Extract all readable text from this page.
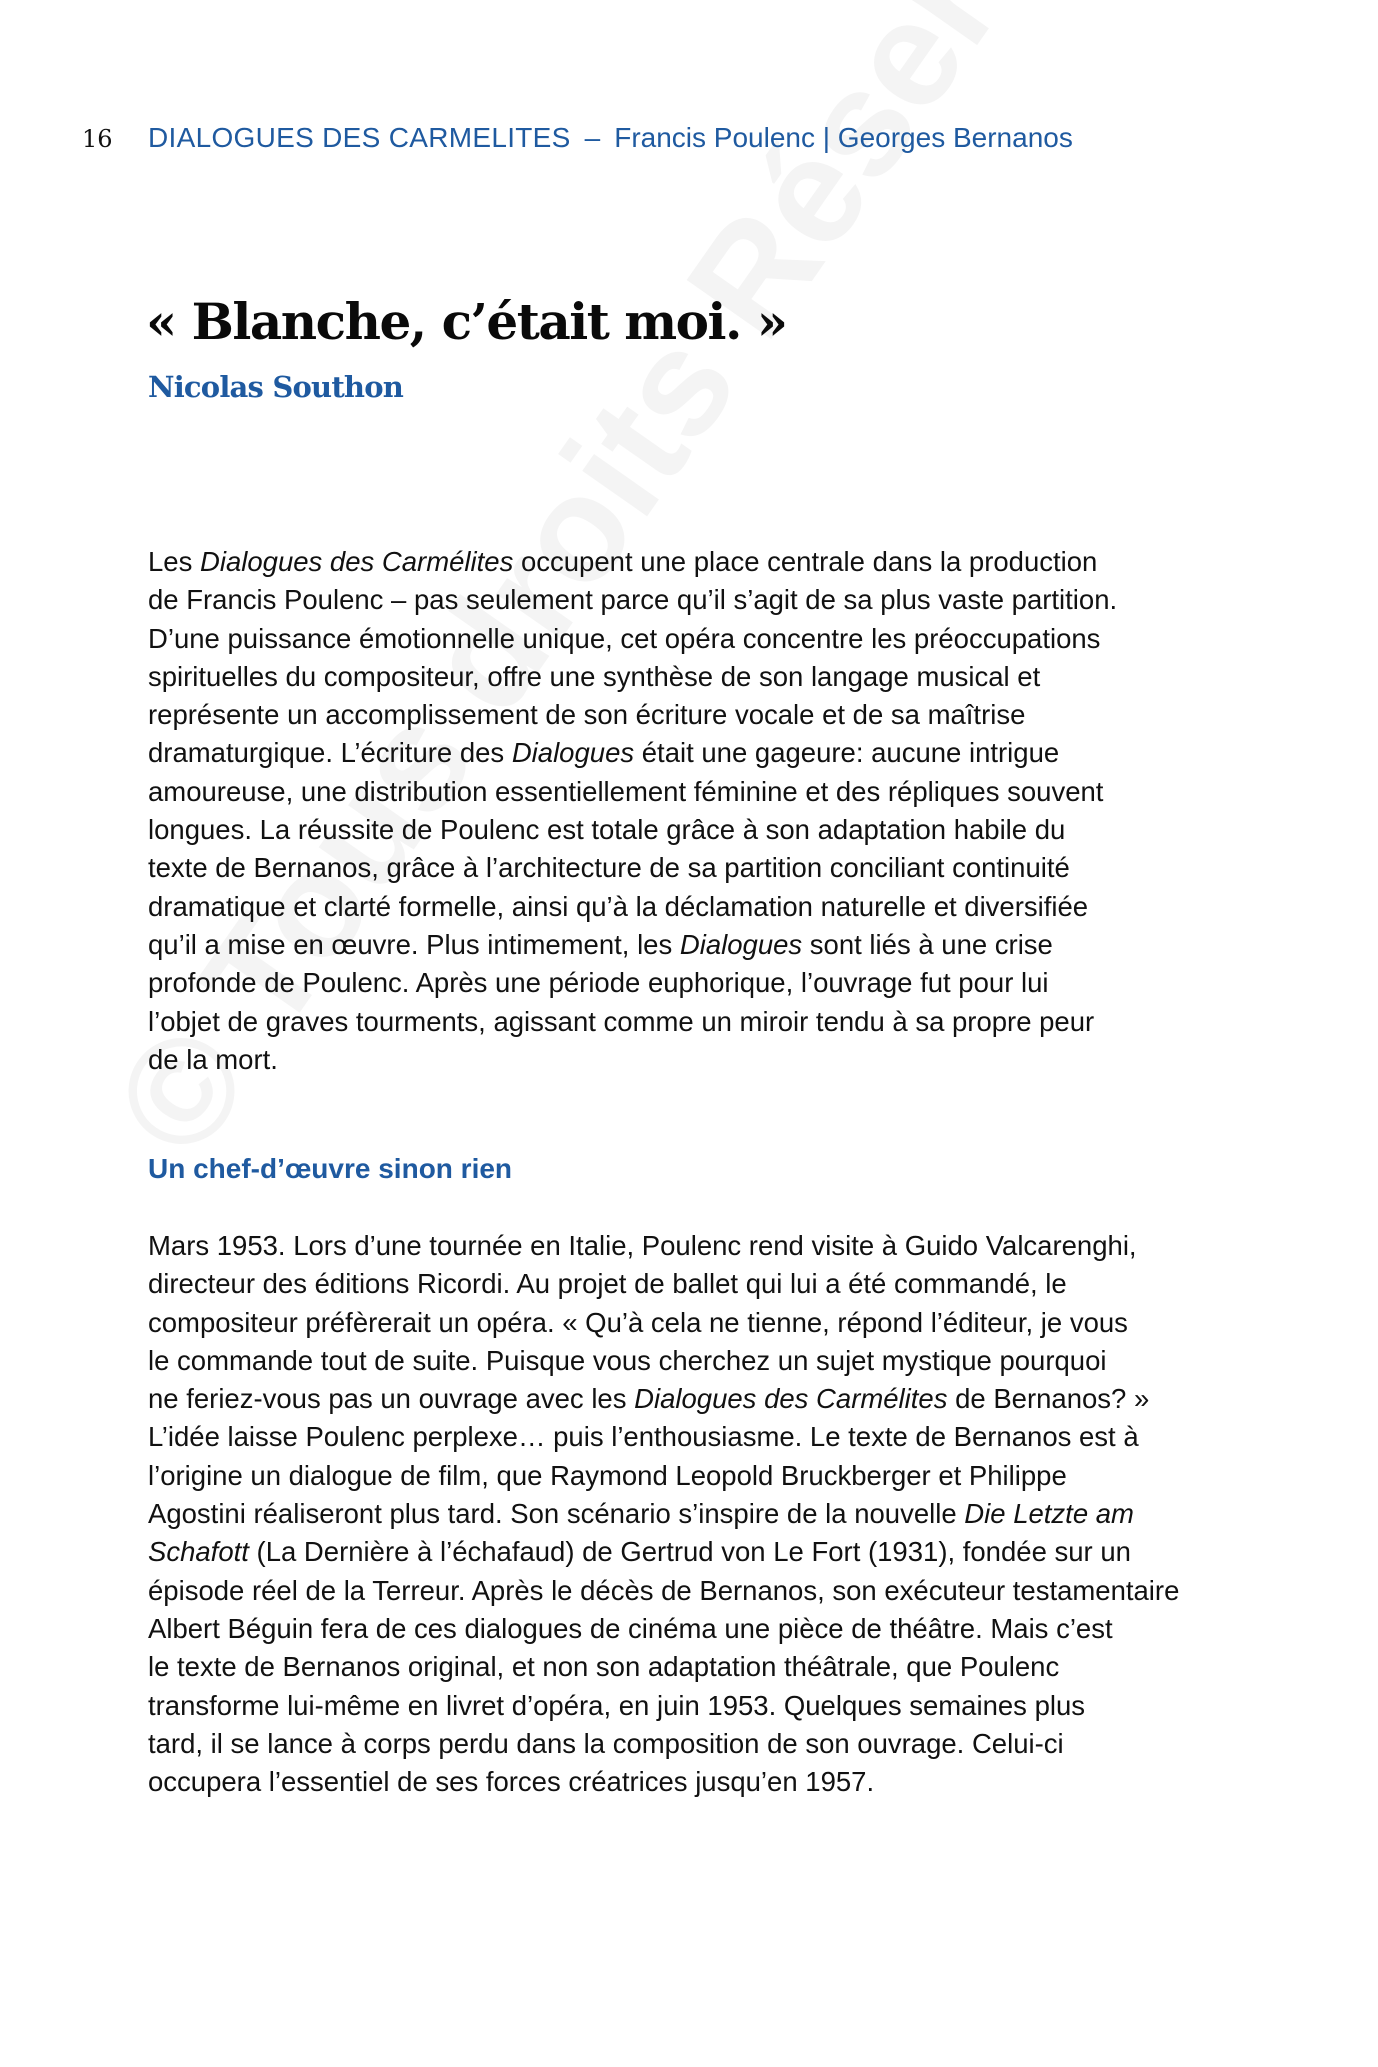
16	DIALOGUES DES CARMELITES – Francis Poulenc | Georges Bernanos
« Blanche, c’était moi. »
Nicolas Southon
Les Dialogues des Carmélites occupent une place centrale dans la production
de Francis Poulenc – pas seulement parce qu’il s’agit de sa plus vaste partition.
D’une puissance émotionnelle unique, cet opéra concentre les préoccupations
spirituelles du compositeur, offre une synthèse de son langage musical et
représente un accomplissement de son écriture vocale et de sa maîtrise
dramaturgique. L’écriture des Dialogues était une gageure: aucune intrigue
amoureuse, une distribution essentiellement féminine et des répliques souvent
longues. La réussite de Poulenc est totale grâce à son adaptation habile du
texte de Bernanos, grâce à l’architecture de sa partition conciliant continuité
dramatique et clarté formelle, ainsi qu’à la déclamation naturelle et diversifiée
qu’il a mise en œuvre. Plus intimement, les Dialogues sont liés à une crise
profonde de Poulenc. Après une période euphorique, l’ouvrage fut pour lui
l’objet de graves tourments, agissant comme un miroir tendu à sa propre peur
de la mort.
Un chef-d’œuvre sinon rien
Mars 1953. Lors d’une tournée en Italie, Poulenc rend visite à Guido Valcarenghi,
directeur des éditions Ricordi. Au projet de ballet qui lui a été commandé, le
compositeur préfèrerait un opéra. « Qu’à cela ne tienne, répond l’éditeur, je vous
le commande tout de suite. Puisque vous cherchez un sujet mystique pourquoi
ne feriez-vous pas un ouvrage avec les Dialogues des Carmélites de Bernanos? »
L’idée laisse Poulenc perplexe… puis l’enthousiasme. Le texte de Bernanos est à
l’origine un dialogue de film, que Raymond Leopold Bruckberger et Philippe
Agostini réaliseront plus tard. Son scénario s’inspire de la nouvelle Die Letzte am
Schafott (La Dernière à l’échafaud) de Gertrud von Le Fort (1931), fondée sur un
épisode réel de la Terreur. Après le décès de Bernanos, son exécuteur testamentaire
Albert Béguin fera de ces dialogues de cinéma une pièce de théâtre. Mais c’est
le texte de Bernanos original, et non son adaptation théâtrale, que Poulenc
transforme lui-même en livret d’opéra, en juin 1953. Quelques semaines plus
tard, il se lance à corps perdu dans la composition de son ouvrage. Celui-ci
occupera l’essentiel de ses forces créatrices jusqu’en 1957.
